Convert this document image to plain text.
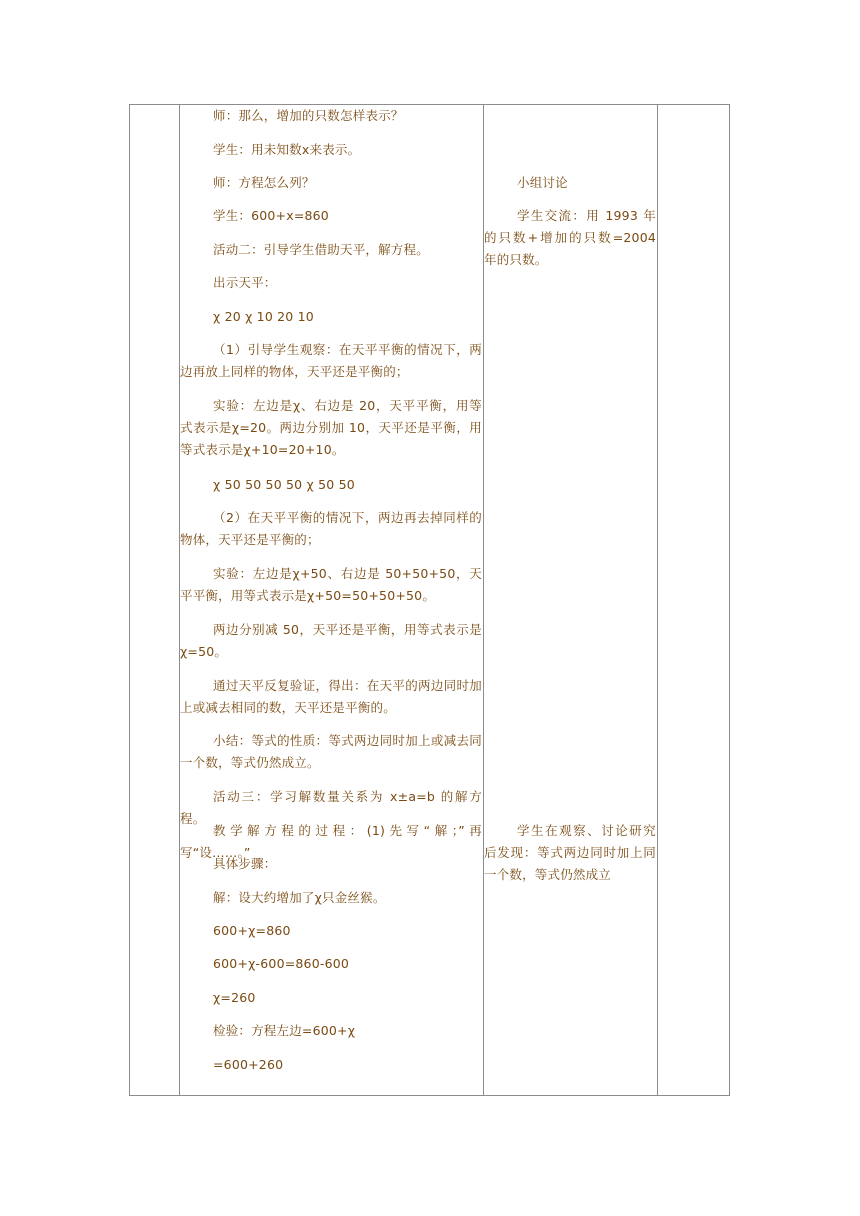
师：那么，增加的只数怎样表示？

学生：用未知数x来表示。

师：方程怎么列？

学生：600+x=860

活动二：引导学生借助天平，解方程。

出示天平：

χ 20 χ 10 20 10

（1）引导学生观察：在天平平衡的情况下，两边再放上同样的物体，天平还是平衡的；

实验：左边是χ、右边是 20，天平平衡，用等式表示是χ=20。两边分别加 10，天平还是平衡，用等式表示是χ+10=20+10。

χ 50 50 50 50 χ 50 50

（2）在天平平衡的情况下，两边再去掉同样的物体，天平还是平衡的；

实验：左边是χ+50、右边是 50+50+50，天平平衡，用等式表示是χ+50=50+50+50。

两边分别减 50，天平还是平衡，用等式表示是χ=50。

通过天平反复验证，得出：在天平的两边同时加上或减去相同的数，天平还是平衡的。

小结：等式的性质：等式两边同时加上或减去同一个数，等式仍然成立。

活动三：学习解数量关系为 x±a=b 的解方程。

教学解方程的过程：(1)先写“解；”再写“设……。”

具体步骤：

解：设大约增加了χ只金丝猴。

600+χ=860

600+χ-600=860-600

χ=260

检验：方程左边=600+χ

=600+260

小组讨论

学生交流：用 1993 年的只数+增加的只数=2004 年的只数。

学生在观察、讨论研究后发现：等式两边同时加上同一个数，等式仍然成立
